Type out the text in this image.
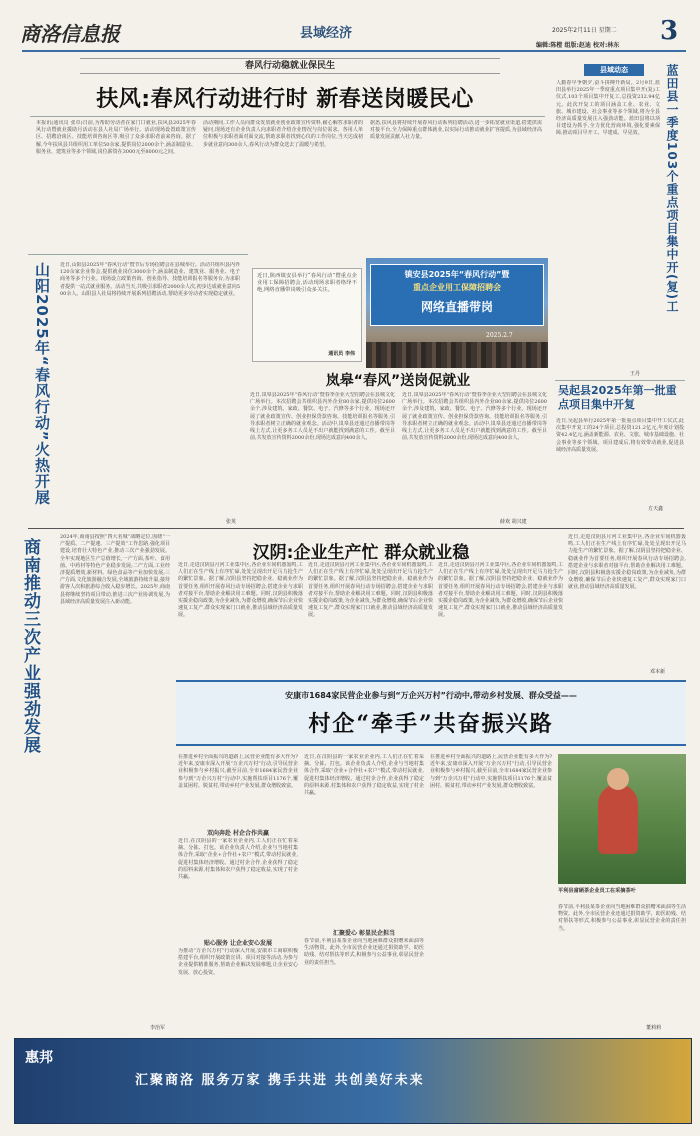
商洛信息报	县域经济	2025年2月11日 星期二 3
编辑:陈橙 组版:赵迪 校对:林东
春风行动稳就业保民生
扶风:春风行动进行时 新春送岗暖民心
本报讯(通讯员 张卓)日前,为帮助劳动者在家门口就业,扶风县2025年春风行动暨就业援助月活动在县人社局广场举行。活动现场设置政策宣传区、招聘洽谈区、技能培训咨询区等,吸引了众多求职者前来咨询。据了解,今年扶风县共组织用工单位50余家,提供岗位2000余个,涵盖制造业、服务业、建筑业等多个领域,岗位薪资在3000元至8000元之间。
活动期间,工作人员向群众发放就业创业政策宣传资料,耐心解答求职者的疑问,现场还有企业负责人向求职者介绍企业情况与岗位需求。各用人单位积极与求职者面对面交流,帮助求职者找到心仪的工作岗位,当天达成初步就业意向300余人,春风行动为群众送去了温暖与希望。
据悉,扶风县将持续开展春风行动系列招聘活动,进一步拓宽就业渠道,搭建供需对接平台,全力保障重点群体就业,以实际行动推动就业扩容提质,为县域经济高质量发展贡献人社力量。
县域动态
人勤春早争朝夕,奋斗拼搏开新局。2月9日,蓝田县举行2025年一季度重点项目集中开(复)工仪式,103个项目集中开复工,总投资232.94亿元。此次开复工的项目涵盖工业、农业、文旅、城市建设、社会事业等多个领域,将为全县经济高质量发展注入强劲动能。蓝田县将以项目建设为抓手,全力优化营商环境,强化要素保障,推动项目早开工、早建成、早见效。	蓝田县一季度103个重点项目集中开(复)工
王丹
吴起县2025年第一批重点项目集中开复
近日,吴起县举行2025年第一批重点项目集中开工仪式,此次集中开复工的24个项目,总投资121.2亿元,年度计划投资42.4亿元,涵盖新能源、农业、文旅、城市基础设施、社会事业等多个领域。项目建成后,将有效带动就业,促进县域经济高质量发展。
方天鑫
山阳2025年“春风行动”火热开展	近日,山阳县2025年“春风行动”暨节后专场招聘会在县城举行。活动共组织县内外120余家企业参会,提供就业岗位3000余个,涵盖制造业、建筑业、服务业、电子商务等多个行业。现场设立政策咨询、创业指导、技能培训报名等服务台,为求职者提供一站式就业服务。活动当天,共吸引求职者2000余人次,初步达成就业意向500余人。山阳县人社局将持续开展系列招聘活动,帮助更多劳动者实现稳定就业。
张英
近日,陕西镇安县举行“春风行动”暨重点企业用工保障招聘会,活动现场求职者络绎不绝,网络直播带岗吸引众多关注。
通讯员 李伟
镇安县2025年“春风行动”暨
重点企业用工保障招聘会
网络直播带岗
2025.2.7
岚皋“春风”送岗促就业
近日,岚皋县2025年“春风行动”暨春季企业大型招聘会在县城文化广场举行。本次招聘会共组织县内外企业80余家,提供岗位2600余个,涉及建筑、家政、餐饮、电子、汽修等多个行业。现场还开展了就业政策宣传、创业担保贷款咨询、技能培训报名等服务,引导求职者树立正确的就业观念。活动中,岚皋县还通过直播带岗等线上方式,让更多务工人员足不出户就能找到满意的工作。截至目前,共发放宣传资料2000余份,现场达成意向400余人。
近日,岚皋县2025年“春风行动”暨春季企业大型招聘会在县城文化广场举行。本次招聘会共组织县内外企业80余家,提供岗位2600余个,涉及建筑、家政、餐饮、电子、汽修等多个行业。现场还开展了就业政策宣传、创业担保贷款咨询、技能培训报名等服务,引导求职者树立正确的就业观念。活动中,岚皋县还通过直播带岗等线上方式,让更多务工人员足不出户就能找到满意的工作。截至目前,共发放宣传资料2000余份,现场达成意向400余人。
薛欢 胡兴建
商南推动三次产业强劲发展
2024年,商南县按照“四大名城”战略定位,围绕“一产提质、二产提速、三产提效”工作思路,强化项目建设,培育壮大特色产业,推动三次产业强劲发展。全年实现地区生产总值增长,一产方面,茶叶、食用菌、中药材等特色产业稳步发展;二产方面,工业经济提质增效,新材料、绿色食品等产业加快发展;三产方面,文化旅游融合发展,全域旅游持续升温,接待游客人次和旅游综合收入稳步增长。2025年,商南县将继续坚持项目带动,推进三次产业协调发展,为县域经济高质量发展注入新动能。
李治军
汉阴:企业生产忙 群众就业稳
近日,走进汉阴县月河工业集中区,各企业车间机器轰鸣,工人们正在生产线上有序忙碌,处处呈现出开足马力抢生产的繁忙景象。据了解,汉阴县坚持把稳企业、稳就业作为首要任务,组织开展春风行动专场招聘会,搭建企业与求职者对接平台,帮助企业解决用工难题。同时,汉阴县积极落实援企稳岗政策,为企业减负,为群众增收,确保节后企业快速复工复产,群众实现家门口就业,推动县域经济高质量发展。
近日,走进汉阴县月河工业集中区,各企业车间机器轰鸣,工人们正在生产线上有序忙碌,处处呈现出开足马力抢生产的繁忙景象。据了解,汉阴县坚持把稳企业、稳就业作为首要任务,组织开展春风行动专场招聘会,搭建企业与求职者对接平台,帮助企业解决用工难题。同时,汉阴县积极落实援企稳岗政策,为企业减负,为群众增收,确保节后企业快速复工复产,群众实现家门口就业,推动县域经济高质量发展。
近日,走进汉阴县月河工业集中区,各企业车间机器轰鸣,工人们正在生产线上有序忙碌,处处呈现出开足马力抢生产的繁忙景象。据了解,汉阴县坚持把稳企业、稳就业作为首要任务,组织开展春风行动专场招聘会,搭建企业与求职者对接平台,帮助企业解决用工难题。同时,汉阴县积极落实援企稳岗政策,为企业减负,为群众增收,确保节后企业快速复工复产,群众实现家门口就业,推动县域经济高质量发展。
近日,走进汉阴县月河工业集中区,各企业车间机器轰鸣,工人们正在生产线上有序忙碌,处处呈现出开足马力抢生产的繁忙景象。据了解,汉阴县坚持把稳企业、稳就业作为首要任务,组织开展春风行动专场招聘会,搭建企业与求职者对接平台,帮助企业解决用工难题。同时,汉阴县积极落实援企稳岗政策,为企业减负,为群众增收,确保节后企业快速复工复产,群众实现家门口就业,推动县域经济高质量发展。
邓本新
安康市1684家民营企业参与到“万企兴万村”行动中,带动乡村发展、群众受益——
村企“牵手”共奋振兴路
在推进乡村全面振兴的道路上,民营企业能有多大作为?近年来,安康市深入开展“万企兴万村”行动,引导民营企业积极参与乡村振兴,截至目前,全市1684家民营企业参与到“万企兴万村”行动中,实施帮扶项目1176个,覆盖贫困村、脱贫村,带动乡村产业发展,群众增收致富。
双向奔赴 村企合作共赢
近日,在汉阴县的一家农业企业内,工人们正在忙着采摘、分拣、打包。该企业负责人介绍,企业与当地村集体合作,采取“企业+合作社+农户”模式,带动村民就业,促进村集体经济增收。通过村企合作,企业获得了稳定的原料来源,村集体和农户获得了稳定收益,实现了村企共赢。
贴心服务 让企业安心发展
为推动“万企兴万村”行动深入开展,安康市工商联积极搭建平台,组织开展政策宣讲、项目对接等活动,为参与企业提供精准服务,帮助企业解决发展难题,让企业安心发展、放心投资。
近日,在汉阴县的一家农业企业内,工人们正在忙着采摘、分拣、打包。该企业负责人介绍,企业与当地村集体合作,采取“企业+合作社+农户”模式,带动村民就业,促进村集体经济增收。通过村企合作,企业获得了稳定的原料来源,村集体和农户获得了稳定收益,实现了村企共赢。
汇聚爱心 彰显民企担当
春节前,平利县某茶企业向当地困难群众捐赠米面油等生活物资。此外,全市民营企业还通过捐资助学、助医助残、结对帮扶等形式,积极参与公益事业,彰显民营企业的责任担当。
在推进乡村全面振兴的道路上,民营企业能有多大作为?近年来,安康市深入开展“万企兴万村”行动,引导民营企业积极参与乡村振兴,截至目前,全市1684家民营企业参与到“万企兴万村”行动中,实施帮扶项目1176个,覆盖贫困村、脱贫村,带动乡村产业发展,群众增收致富。
平利县富硒茶企业员工在采摘茶叶
春节前,平利县某茶企业向当地困难群众捐赠米面油等生活物资。此外,全市民营企业还通过捐资助学、助医助残、结对帮扶等形式,积极参与公益事业,彰显民营企业的责任担当。
董莉莉
惠邦
汇聚商洛 服务万家 携手共进 共创美好未来
